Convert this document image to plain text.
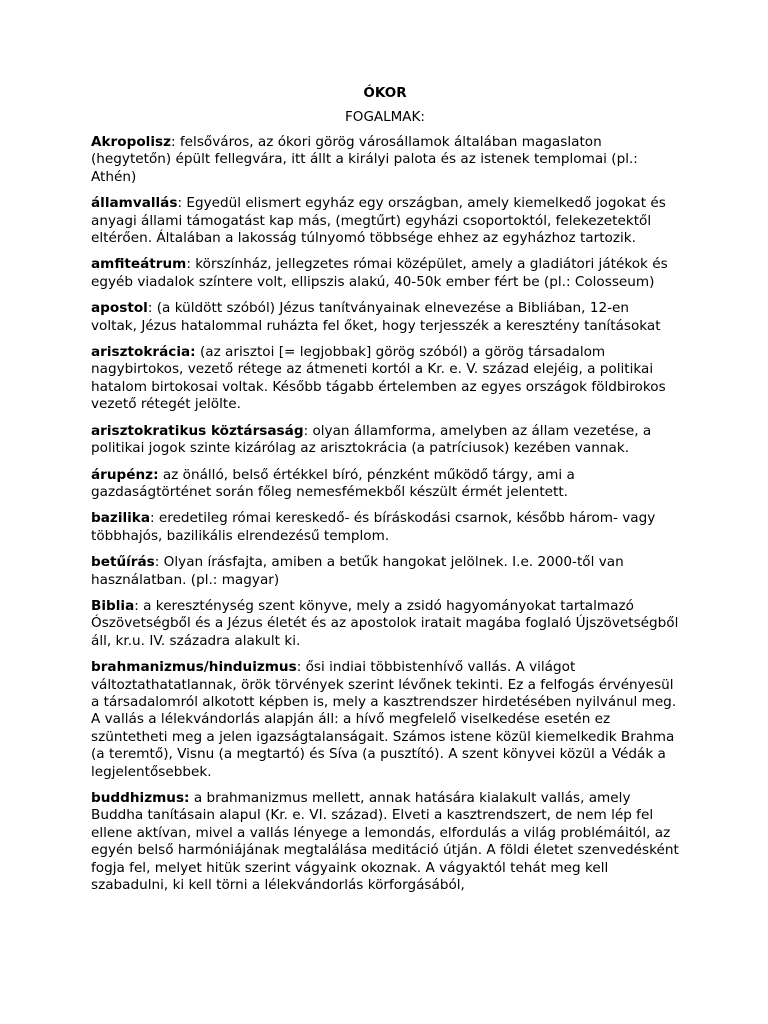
ÓKOR
FOGALMAK:

Akropolisz: felsőváros, az ókori görög városállamok általában magaslaton (hegytetőn) épült fellegvára, itt állt a királyi palota és az istenek templomai (pl.: Athén)

államvallás: Egyedül elismert egyház egy országban, amely kiemelkedő jogokat és anyagi állami támogatást kap más, (megtűrt) egyházi csoportoktól, felekezetektől eltérően. Általában a lakosság túlnyomó többsége ehhez az egyházhoz tartozik.

amfiteátrum: körszínház, jellegzetes római középület, amely a gladiátori játékok és egyéb viadalok színtere volt, ellipszis alakú, 40-50k ember fért be (pl.: Colosseum)

apostol: (a küldött szóból) Jézus tanítványainak elnevezése a Bibliában, 12-en voltak, Jézus hatalommal ruházta fel őket, hogy terjesszék a keresztény tanításokat

arisztokrácia: (az arisztoi [= legjobbak] görög szóból) a görög társadalom nagybirtokos, vezető rétege az átmeneti kortól a Kr. e. V. század elejéig, a politikai hatalom birtokosai voltak. Később tágabb értelemben az egyes országok földbirokos vezető rétegét jelölte.

arisztokratikus köztársaság: olyan államforma, amelyben az állam vezetése, a politikai jogok szinte kizárólag az arisztokrácia (a patríciusok) kezében vannak.

árupénz: az önálló, belső értékkel bíró, pénzként működő tárgy, ami a gazdaságtörténet során főleg nemesfémekből készült érmét jelentett.

bazilika: eredetileg római kereskedő- és bíráskodási csarnok, később három- vagy többhajós, bazilikális elrendezésű templom.

betűírás: Olyan írásfajta, amiben a betűk hangokat jelölnek. I.e. 2000-től van használatban. (pl.: magyar)

Biblia: a kereszténység szent könyve, mely a zsidó hagyományokat tartalmazó Ószövetségből és a Jézus életét és az apostolok iratait magába foglaló Újszövetségből áll, kr.u. IV. századra alakult ki.

brahmanizmus/hinduizmus: ősi indiai többistenhívő vallás. A világot változtathatatlannak, örök törvények szerint lévőnek tekinti. Ez a felfogás érvényesül a társadalomról alkotott képben is, mely a kasztrendszer hirdetésében nyilvánul meg. A vallás a lélekvándorlás alapján áll: a hívő megfelelő viselkedése esetén ez szüntetheti meg a jelen igazságtalanságait. Számos istene közül kiemelkedik Brahma (a teremtő), Visnu (a megtartó) és Síva (a pusztító). A szent könyvei közül a Védák a legjelentősebbek.

buddhizmus: a brahmanizmus mellett, annak hatására kialakult vallás, amely Buddha tanításain alapul (Kr. e. VI. század). Elveti a kasztrendszert, de nem lép fel ellene aktívan, mivel a vallás lényege a lemondás, elfordulás a világ problémáitól, az egyén belső harmóniájának megtalálása meditáció útján. A földi életet szenvedésként fogja fel, melyet hitük szerint vágyaink okoznak. A vágyaktól tehát meg kell szabadulni, ki kell törni a lélekvándorlás körforgásából,
